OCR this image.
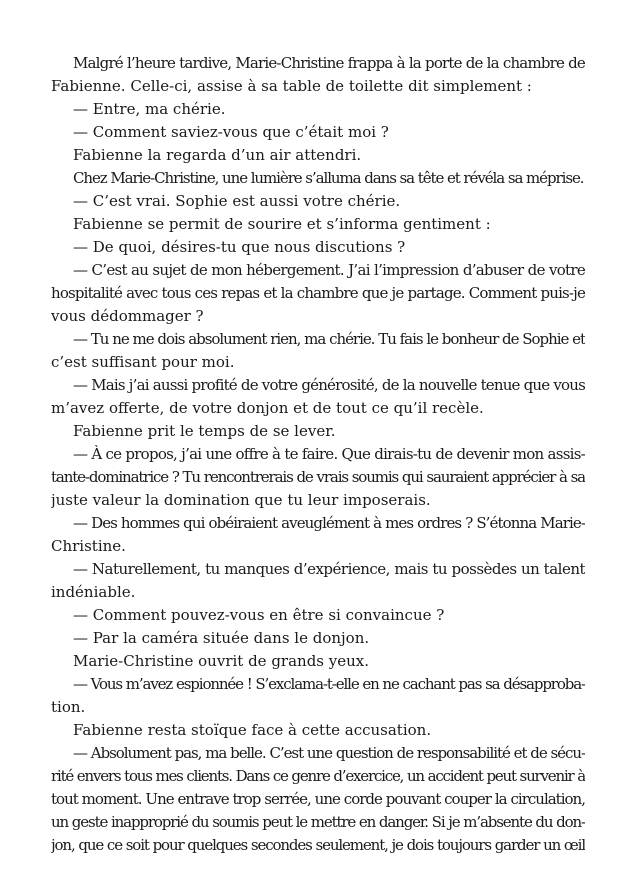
Malgré l’heure tardive, Marie-Christine frappa à la porte de la chambre de
Fabienne. Celle-ci, assise à sa table de toilette dit simplement :
— Entre, ma chérie.
— Comment saviez-vous que c’était moi ?
Fabienne la regarda d’un air attendri.
Chez Marie-Christine, une lumière s’alluma dans sa tête et révéla sa méprise.
— C’est vrai. Sophie est aussi votre chérie.
Fabienne se permit de sourire et s’informa gentiment :
— De quoi, désires-tu que nous discutions ?
— C’est au sujet de mon hébergement. J’ai l’impression d’abuser de votre
hospitalité avec tous ces repas et la chambre que je partage. Comment puis-je
vous dédommager ?
— Tu ne me dois absolument rien, ma chérie. Tu fais le bonheur de Sophie et
c’est suffisant pour moi.
— Mais j’ai aussi profité de votre générosité, de la nouvelle tenue que vous
m’avez offerte, de votre donjon et de tout ce qu’il recèle.
Fabienne prit le temps de se lever.
— À ce propos, j’ai une offre à te faire. Que dirais-tu de devenir mon assis-
tante-dominatrice ? Tu rencontrerais de vrais soumis qui sauraient apprécier à sa
juste valeur la domination que tu leur imposerais.
— Des hommes qui obéiraient aveuglément à mes ordres ? S’étonna Marie-
Christine.
— Naturellement, tu manques d’expérience, mais tu possèdes un talent
indéniable.
— Comment pouvez-vous en être si convaincue ?
— Par la caméra située dans le donjon.
Marie-Christine ouvrit de grands yeux.
— Vous m’avez espionnée ! S’exclama-t-elle en ne cachant pas sa désapproba-
tion.
Fabienne resta stoïque face à cette accusation.
— Absolument pas, ma belle. C’est une question de responsabilité et de sécu-
rité envers tous mes clients. Dans ce genre d’exercice, un accident peut survenir à
tout moment. Une entrave trop serrée, une corde pouvant couper la circulation,
un geste inapproprié du soumis peut le mettre en danger. Si je m’absente du don-
jon, que ce soit pour quelques secondes seulement, je dois toujours garder un œil
